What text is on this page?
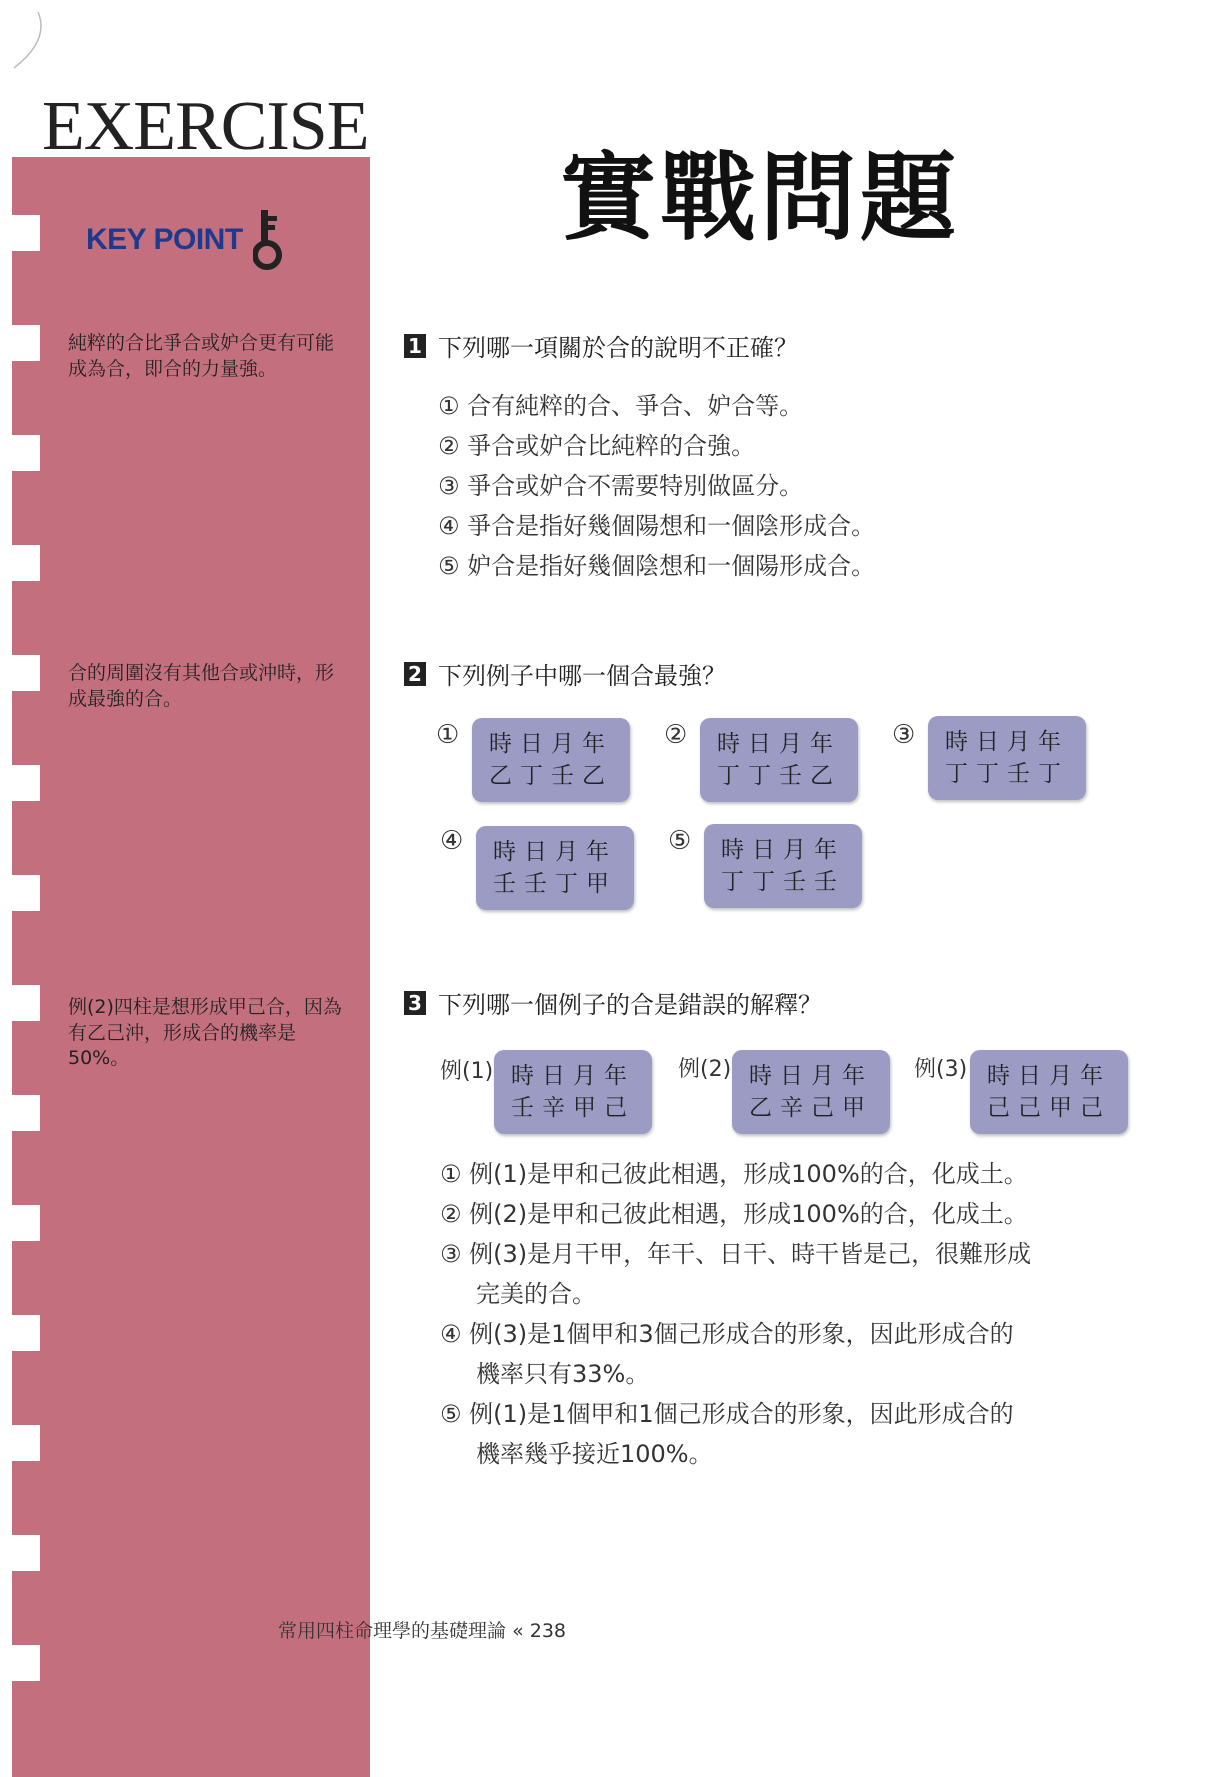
EXERCISE
KEY POINT
純粹的合比爭合或妒合更有可能成為合，即合的力量強。
合的周圍沒有其他合或沖時，形成最強的合。
例(2)四柱是想形成甲己合，因為有乙己沖，形成合的機率是50%。
實戰問題
1 下列哪一項關於合的說明不正確？
① 合有純粹的合、爭合、妒合等。
② 爭合或妒合比純粹的合強。
③ 爭合或妒合不需要特別做區分。
④ 爭合是指好幾個陽想和一個陰形成合。
⑤ 妒合是指好幾個陰想和一個陽形成合。
2 下列例子中哪一個合最強？
① 時日月年
乙丁壬乙
② 時日月年
丁丁壬乙
③ 時日月年
丁丁壬丁
④ 時日月年
壬壬丁甲
⑤ 時日月年
丁丁壬壬
3 下列哪一個例子的合是錯誤的解釋？
例(1) 時日月年
壬辛甲己
例(2) 時日月年
乙辛己甲
例(3) 時日月年
己己甲己
① 例(1)是甲和己彼此相遇，形成100%的合，化成土。
② 例(2)是甲和己彼此相遇，形成100%的合，化成土。
③ 例(3)是月干甲，年干、日干、時干皆是己，很難形成
完美的合。
④ 例(3)是1個甲和3個己形成合的形象，因此形成合的
機率只有33%。
⑤ 例(1)是1個甲和1個己形成合的形象，因此形成合的
機率幾乎接近100%。
常用四柱命理學的基礎理論 « 238
